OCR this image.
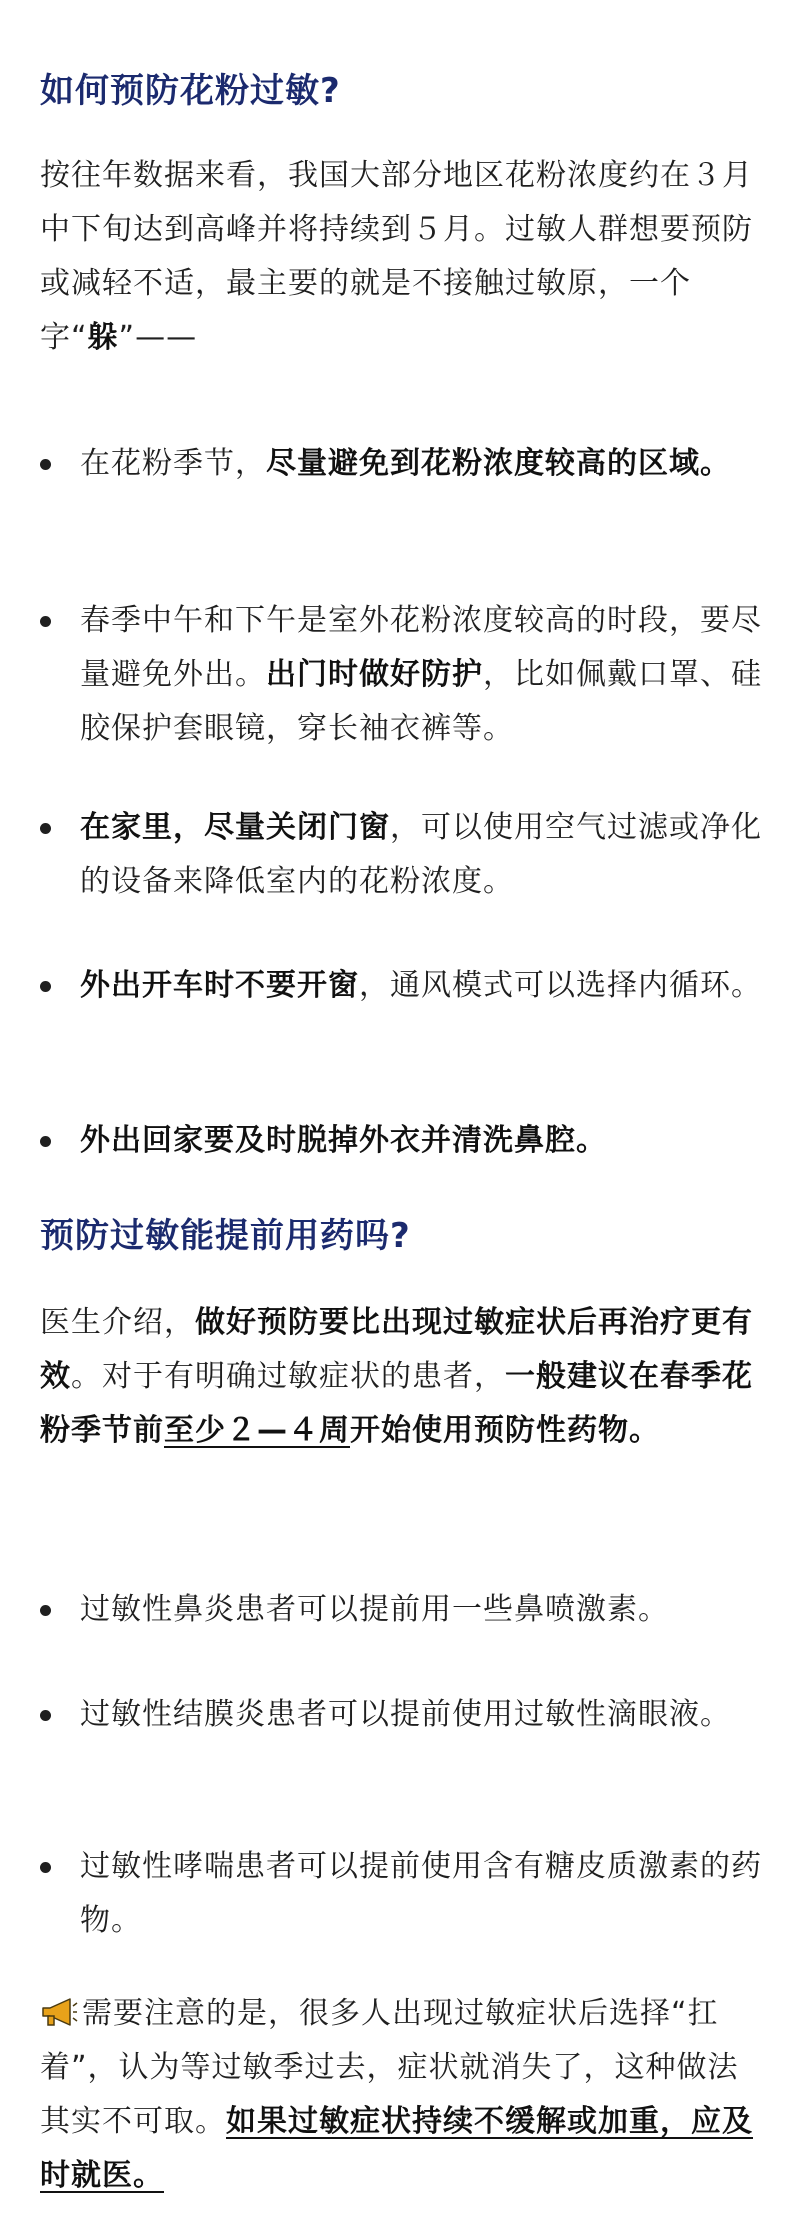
如何预防花粉过敏?

按往年数据来看，我国大部分地区花粉浓度约在３月中下旬达到高峰并将持续到５月。过敏人群想要预防或减轻不适，最主要的就是不接触过敏原，一个字“躲”——

在花粉季节，尽量避免到花粉浓度较高的区域。

春季中午和下午是室外花粉浓度较高的时段，要尽量避免外出。出门时做好防护，比如佩戴口罩、硅胶保护套眼镜，穿长袖衣裤等。

在家里，尽量关闭门窗，可以使用空气过滤或净化的设备来降低室内的花粉浓度。

外出开车时不要开窗，通风模式可以选择内循环。

外出回家要及时脱掉外衣并清洗鼻腔。

预防过敏能提前用药吗?

医生介绍，做好预防要比出现过敏症状后再治疗更有效。对于有明确过敏症状的患者，一般建议在春季花粉季节前至少２—４周开始使用预防性药物。

过敏性鼻炎患者可以提前用一些鼻喷激素。

过敏性结膜炎患者可以提前使用过敏性滴眼液。

过敏性哮喘患者可以提前使用含有糖皮质激素的药物。

需要注意的是，很多人出现过敏症状后选择“扛着”，认为等过敏季过去，症状就消失了，这种做法其实不可取。如果过敏症状持续不缓解或加重，应及时就医。
